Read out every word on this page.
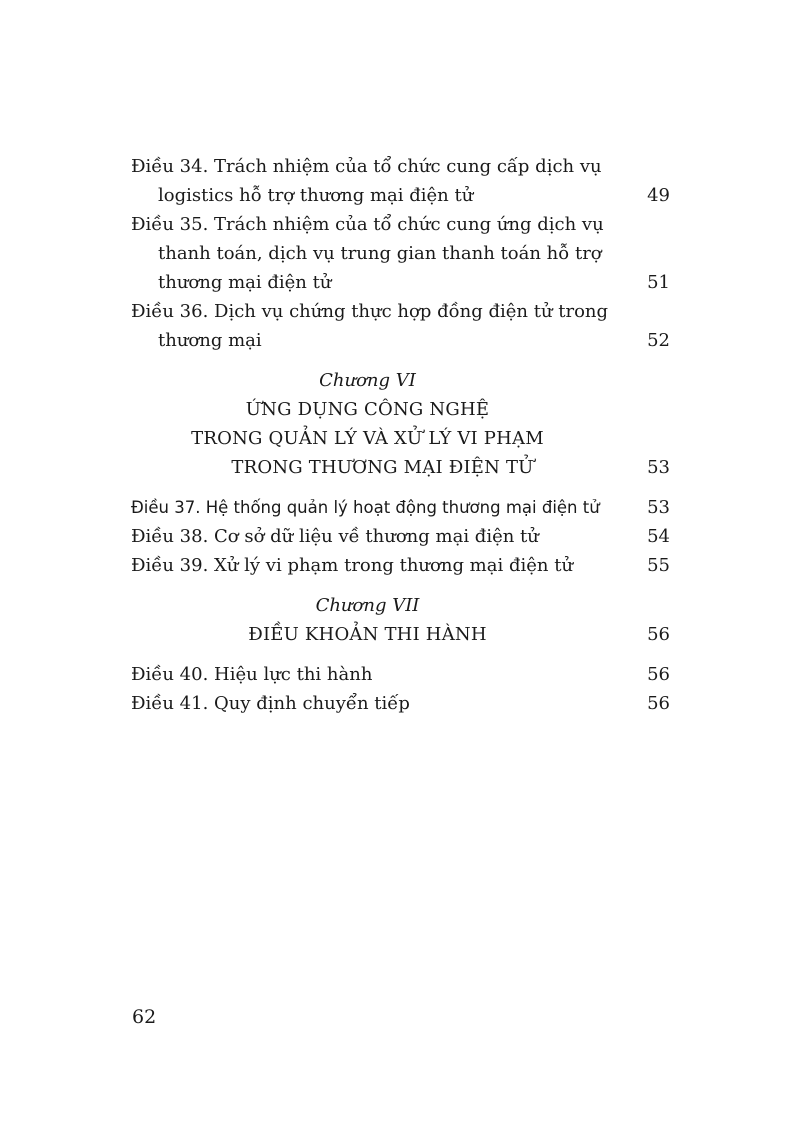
Điều 34. Trách nhiệm của tổ chức cung cấp dịch vụ
logistics hỗ trợ thương mại điện tử	49
Điều 35. Trách nhiệm của tổ chức cung ứng dịch vụ
thanh toán, dịch vụ trung gian thanh toán hỗ trợ
thương mại điện tử	51
Điều 36. Dịch vụ chứng thực hợp đồng điện tử trong
thương mại	52
Chương VI
ỨNG DỤNG CÔNG NGHỆ
TRONG QUẢN LÝ VÀ XỬ LÝ VI PHẠM
TRONG THƯƠNG MẠI ĐIỆN TỬ	53
Điều 37. Hệ thống quản lý hoạt động thương mại điện tử	53
Điều 38. Cơ sở dữ liệu về thương mại điện tử	54
Điều 39. Xử lý vi phạm trong thương mại điện tử	55
Chương VII
ĐIỀU KHOẢN THI HÀNH	56
Điều 40. Hiệu lực thi hành	56
Điều 41. Quy định chuyển tiếp	56
62
